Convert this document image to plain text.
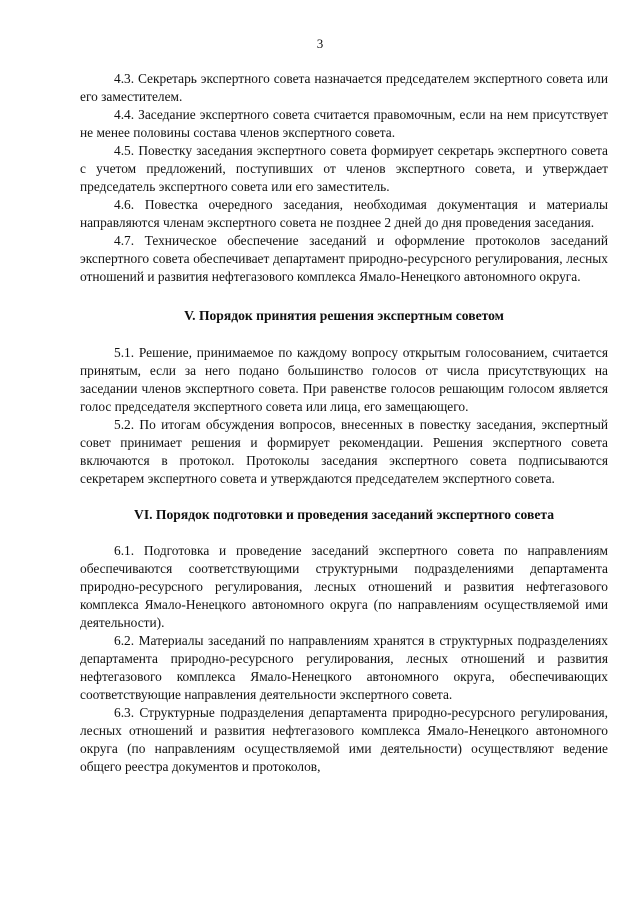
3

4.3. Секретарь экспертного совета назначается председателем экспертного совета или его заместителем.

4.4. Заседание экспертного совета считается правомочным, если на нем присутствует не менее половины состава членов экспертного совета.

4.5. Повестку заседания экспертного совета формирует секретарь экспертного совета с учетом предложений, поступивших от членов экспертного совета, и утверждает председатель экспертного совета или его заместитель.

4.6. Повестка очередного заседания, необходимая документация и материалы направляются членам экспертного совета не позднее 2 дней до дня проведения заседания.

4.7. Техническое обеспечение заседаний и оформление протоколов заседаний экспертного совета обеспечивает департамент природно-ресурсного регулирования, лесных отношений и развития нефтегазового комплекса Ямало-Ненецкого автономного округа.

V. Порядок принятия решения экспертным советом

5.1. Решение, принимаемое по каждому вопросу открытым голосованием, считается принятым, если за него подано большинство голосов от числа присутствующих на заседании членов экспертного совета. При равенстве голосов решающим голосом является голос председателя экспертного совета или лица, его замещающего.

5.2. По итогам обсуждения вопросов, внесенных в повестку заседания, экспертный совет принимает решения и формирует рекомендации. Решения экспертного совета включаются в протокол. Протоколы заседания экспертного совета подписываются секретарем экспертного совета и утверждаются председателем экспертного совета.

VI. Порядок подготовки и проведения заседаний экспертного совета

6.1. Подготовка и проведение заседаний экспертного совета по направлениям обеспечиваются соответствующими структурными подразделениями департамента природно-ресурсного регулирования, лесных отношений и развития нефтегазового комплекса Ямало-Ненецкого автономного округа (по направлениям осуществляемой ими деятельности).

6.2. Материалы заседаний по направлениям хранятся в структурных подразделениях департамента природно-ресурсного регулирования, лесных отношений и развития нефтегазового комплекса Ямало-Ненецкого автономного округа, обеспечивающих соответствующие направления деятельности экспертного совета.

6.3. Структурные подразделения департамента природно-ресурсного регулирования, лесных отношений и развития нефтегазового комплекса Ямало-Ненецкого автономного округа (по направлениям осуществляемой ими деятельности) осуществляют ведение общего реестра документов и протоколов,
